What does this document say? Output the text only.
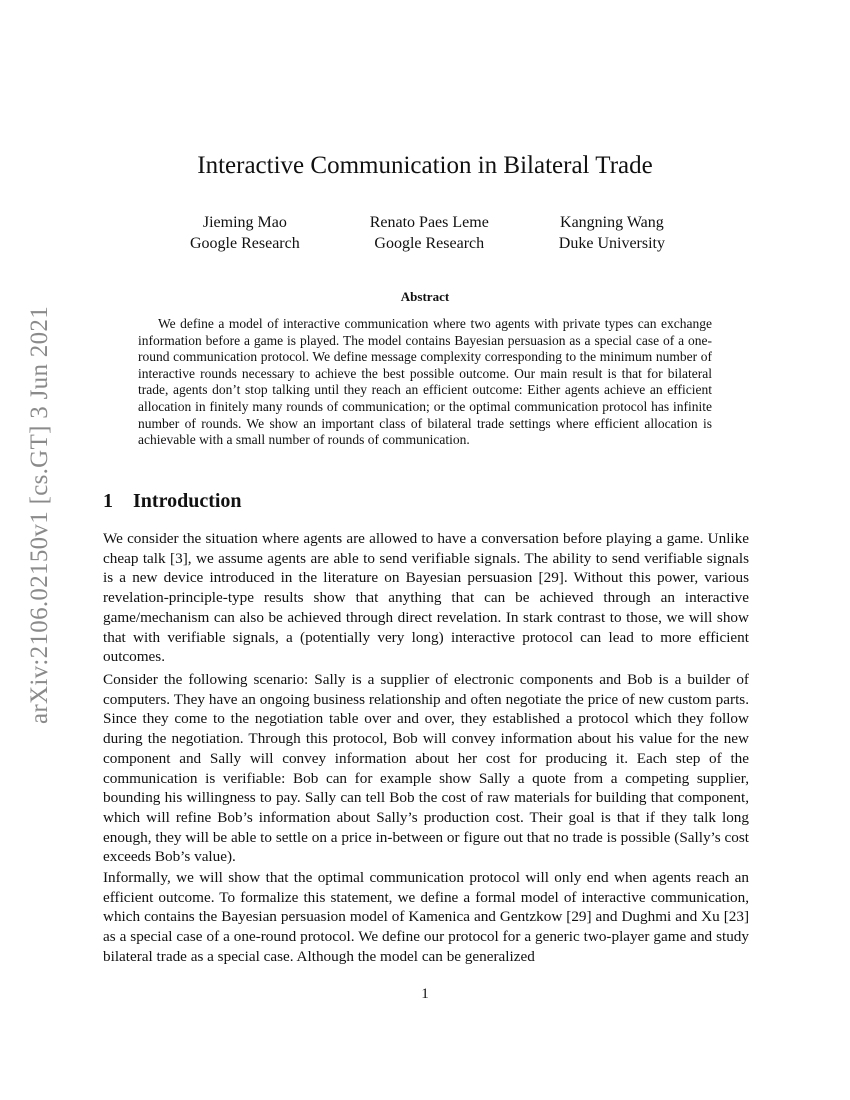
arXiv:2106.02150v1 [cs.GT] 3 Jun 2021
Interactive Communication in Bilateral Trade
Jieming Mao
Google Research
Renato Paes Leme
Google Research
Kangning Wang
Duke University
Abstract

We define a model of interactive communication where two agents with private types can exchange information before a game is played. The model contains Bayesian persuasion as a special case of a one-round communication protocol. We define message complexity corresponding to the minimum number of interactive rounds necessary to achieve the best possible outcome. Our main result is that for bilateral trade, agents don’t stop talking until they reach an efficient outcome: Either agents achieve an efficient allocation in finitely many rounds of communication; or the optimal communication protocol has infinite number of rounds. We show an important class of bilateral trade settings where efficient allocation is achievable with a small number of rounds of communication.

1 Introduction

We consider the situation where agents are allowed to have a conversation before playing a game. Unlike cheap talk [3], we assume agents are able to send verifiable signals. The ability to send verifiable signals is a new device introduced in the literature on Bayesian persuasion [29]. Without this power, various revelation-principle-type results show that anything that can be achieved through an interactive game/mechanism can also be achieved through direct revelation. In stark contrast to those, we will show that with verifiable signals, a (potentially very long) interactive protocol can lead to more efficient outcomes.

Consider the following scenario: Sally is a supplier of electronic components and Bob is a builder of computers. They have an ongoing business relationship and often negotiate the price of new custom parts. Since they come to the negotiation table over and over, they established a protocol which they follow during the negotiation. Through this protocol, Bob will convey information about his value for the new component and Sally will convey information about her cost for producing it. Each step of the communication is verifiable: Bob can for example show Sally a quote from a competing supplier, bounding his willingness to pay. Sally can tell Bob the cost of raw materials for building that component, which will refine Bob’s information about Sally’s production cost. Their goal is that if they talk long enough, they will be able to settle on a price in-between or figure out that no trade is possible (Sally’s cost exceeds Bob’s value).

Informally, we will show that the optimal communication protocol will only end when agents reach an efficient outcome. To formalize this statement, we define a formal model of interactive communication, which contains the Bayesian persuasion model of Kamenica and Gentzkow [29] and Dughmi and Xu [23] as a special case of a one-round protocol. We define our protocol for a generic two-player game and study bilateral trade as a special case. Although the model can be generalized

1
